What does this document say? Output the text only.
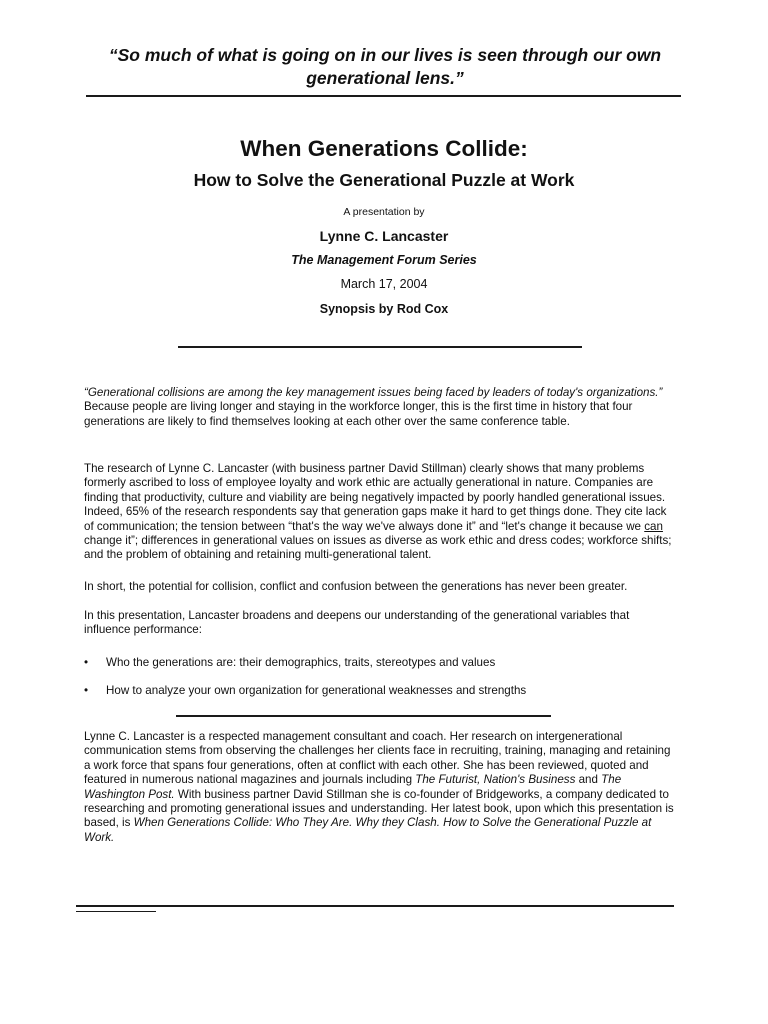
“So much of what is going on in our lives is seen through our own
generational lens.”
When Generations Collide:
How to Solve the Generational Puzzle at Work
A presentation by
Lynne C. Lancaster
The Management Forum Series
March 17, 2004
Synopsis by Rod Cox
“Generational collisions are among the key management issues being faced by leaders of today's organizations.” Because people are living longer and staying in the workforce longer, this is the first time in history that four generations are likely to find themselves looking at each other over the same conference table.
The research of Lynne C. Lancaster (with business partner David Stillman) clearly shows that many problems formerly ascribed to loss of employee loyalty and work ethic are actually generational in nature. Companies are finding that productivity, culture and viability are being negatively impacted by poorly handled generational issues. Indeed, 65% of the research respondents say that generation gaps make it hard to get things done. They cite lack of communication; the tension between “that's the way we've always done it” and “let's change it because we can change it”; differences in generational values on issues as diverse as work ethic and dress codes; workforce shifts; and the problem of obtaining and retaining multi-generational talent.
In short, the potential for collision, conflict and confusion between the generations has never been greater.
In this presentation, Lancaster broadens and deepens our understanding of the generational variables that influence performance:
• Who the generations are: their demographics, traits, stereotypes and values
• How to analyze your own organization for generational weaknesses and strengths
Lynne C. Lancaster is a respected management consultant and coach. Her research on intergenerational communication stems from observing the challenges her clients face in recruiting, training, managing and retaining a work force that spans four generations, often at conflict with each other. She has been reviewed, quoted and featured in numerous national magazines and journals including The Futurist, Nation's Business and The Washington Post. With business partner David Stillman she is co-founder of Bridgeworks, a company dedicated to researching and promoting generational issues and understanding. Her latest book, upon which this presentation is based, is When Generations Collide: Who They Are. Why they Clash. How to Solve the Generational Puzzle at Work.
